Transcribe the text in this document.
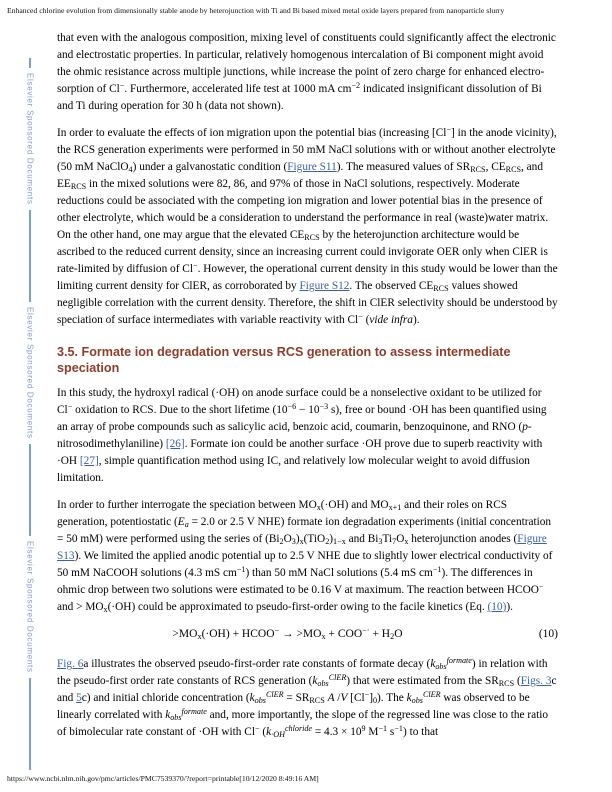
Enhanced chlorine evolution from dimensionally stable anode by heterojunction with Ti and Bi based mixed metal oxide layers prepared from nanoparticle slurry
Elsevier Sponsored Documents
Elsevier Sponsored Documents
Elsevier Sponsored Documents

that even with the analogous composition, mixing level of constituents could significantly affect the electronic and electrostatic properties. In particular, relatively homogenous intercalation of Bi component might avoid the ohmic resistance across multiple junctions, while increase the point of zero charge for enhanced electro-sorption of Cl−. Furthermore, accelerated life test at 1000 mA $cm^{-2}$ indicated insignificant dissolution of Bi and Ti during operation for 30 h (data not shown).

In order to evaluate the effects of ion migration upon the potential bias (increasing [Cl−] in the anode vicinity), the RCS generation experiments were performed in 50 mM NaCl solutions with or without another electrolyte (50 mM NaClO$_4$) under a galvanostatic condition (Figure S11). The measured values of $SR_{RCS}$, $CE_{RCS}$, and $EE_{RCS}$ in the mixed solutions were 82, 86, and 97% of those in NaCl solutions, respectively. Moderate reductions could be associated with the competing ion migration and lower potential bias in the presence of other electrolyte, which would be a consideration to understand the performance in real (waste)water matrix. On the other hand, one may argue that the elevated $CE_{RCS}$ by the heterojunction architecture would be ascribed to the reduced current density, since an increasing current could invigorate OER only when ClER is rate-limited by diffusion of Cl−. However, the operational current density in this study would be lower than the limiting current density for ClER, as corroborated by Figure S12. The observed $CE_{RCS}$ values showed negligible correlation with the current density. Therefore, the shift in ClER selectivity should be understood by speciation of surface intermediates with variable reactivity with Cl− (vide infra).

3.5. Formate ion degradation versus RCS generation to assess intermediate speciation

In this study, the hydroxyl radical (·OH) on anode surface could be a nonselective oxidant to be utilized for Cl− oxidation to RCS. Due to the short lifetime ($10^{-6} - 10^{-3}$ s), free or bound ·OH has been quantified using an array of probe compounds such as salicylic acid, benzoic acid, coumarin, benzoquinone, and RNO (p-nitrosodimethylaniline) [26]. Formate ion could be another surface ·OH prove due to superb reactivity with ·OH [27], simple quantification method using IC, and relatively low molecular weight to avoid diffusion limitation.

In order to further interrogate the speciation between $MO_x(\cdot OH)$ and $MO_{x+1}$ and their roles on RCS generation, potentiostatic ($E_a = 2.0$ or 2.5 V NHE) formate ion degradation experiments (initial concentration = 50 mM) were performed using the series of $(Bi_2O_3)_x(TiO_2)_{1-x}$ and $Bi_3Ti_7O_x$ heterojunction anodes (Figure S13). We limited the applied anodic potential up to 2.5 V NHE due to slightly lower electrical conductivity of 50 mM NaCOOH solutions (4.3 mS $cm^{-1}$) than 50 mM NaCl solutions (5.4 mS $cm^{-1}$). The differences in ohmic drop between two solutions were estimated to be 0.16 V at maximum. The reaction between HCOO− and > $MO_x(\cdot OH)$ could be approximated to pseudo-first-order owing to the facile kinetics (Eq. (10)).

$>MO_x(\cdot OH)$ + HCOO− → $>MO_x + COO^{-\cdot} + H_2O$	(10)

Fig. 6a illustrates the observed pseudo-first-order rate constants of formate decay $(k_{obs}^{formate})$ in relation with the pseudo-first order rate constants of RCS generation $(k_{obs}^{ClER})$ that were estimated from the $SR_{RCS}$ (Figs. 3c and 5c) and initial chloride concentration ($k_{obs}^{ClER} = SR_{RCS}$ A /V $[Cl^-]_0$). The $k_{obs}^{ClER}$ was observed to be linearly correlated with $k_{obs}^{formate}$ and, more importantly, the slope of the regressed line was close to the ratio of bimolecular rate constant of ·OH with Cl− ($k_{\cdot OH}^{chloride} = 4.3 \times 10^9$ $M^{-1}$ $s^{-1}$) to that

https://www.ncbi.nlm.nih.gov/pmc/articles/PMC7539370/?report=printable[10/12/2020 8:49:16 AM]
